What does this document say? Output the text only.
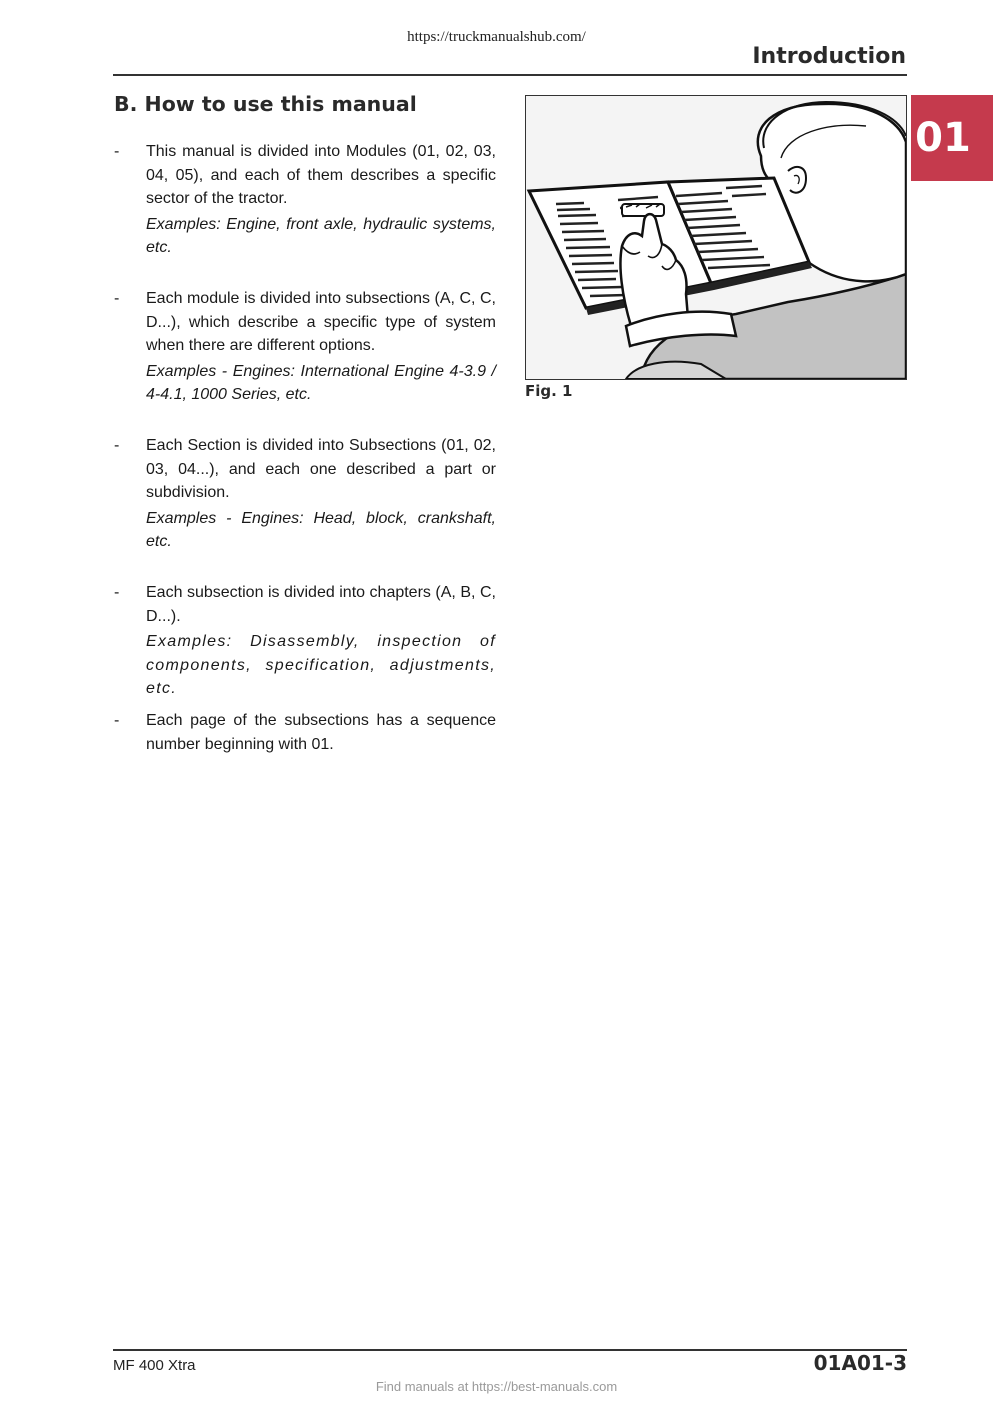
https://truckmanualshub.com/
Introduction
01
B. How to use this manual
- This manual is divided into Modules (01, 02, 03, 04, 05), and each of them describes a specific sector of the tractor.

Examples: Engine, front axle, hydraulic systems, etc.

- Each module is divided into subsections (A, C, C, D...), which describe a specific type of system when there are different options.

Examples - Engines: International Engine 4-3.9 / 4-4.1, 1000 Series, etc.

- Each Section is divided into Subsections (01, 02, 03, 04...), and each one described a part or subdivision.

Examples - Engines: Head, block, crankshaft, etc.

- Each subsection is divided into chapters (A, B, C, D...).

Examples: Disassembly, inspection of components, specification, adjustments, etc.

- Each page of the subsections has a sequence number beginning with 01.

Fig. 1
MF 400 Xtra	01A01-3
Find manuals at https://best-manuals.com
